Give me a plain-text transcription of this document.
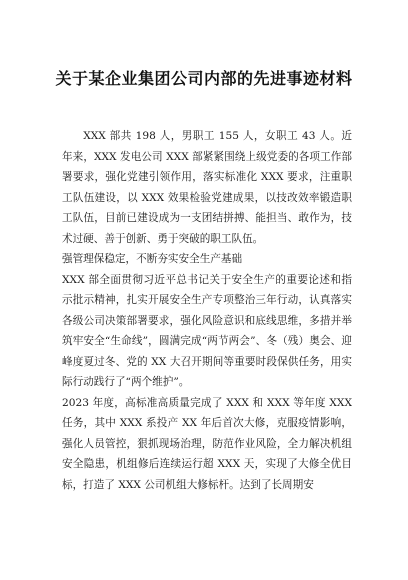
关于某企业集团公司内部的先进事迹材料

XXX 部共 198 人，男职工 155 人，女职工 43 人。近年来，XXX 发电公司 XXX 部紧紧围绕上级党委的各项工作部署要求，强化党建引领作用，落实标准化 XXX 要求，注重职工队伍建设，以 XXX 效果检验党建成果，以技改效率锻造职工队伍，目前已建设成为一支团结拼搏、能担当、敢作为，技术过硬、善于创新、勇于突破的职工队伍。

强管理保稳定，不断夯实安全生产基础

XXX 部全面贯彻习近平总书记关于安全生产的重要论述和指示批示精神，扎实开展安全生产专项整治三年行动，认真落实各级公司决策部署要求，强化风险意识和底线思维，多措并举筑牢安全“生命线”，圆满完成“两节两会”、冬（残）奥会、迎峰度夏过冬、党的 XX 大召开期间等重要时段保供任务，用实际行动践行了“两个维护”。

2023 年度，高标准高质量完成了 XXX 和 XXX 等年度 XXX 任务，其中 XXX 系投产 XX 年后首次大修，克服疫情影响，强化人员管控，狠抓现场治理，防范作业风险，全力解决机组安全隐患，机组修后连续运行超 XXX 天，实现了大修全优目标，打造了 XXX 公司机组大修标杆。达到了长周期安
